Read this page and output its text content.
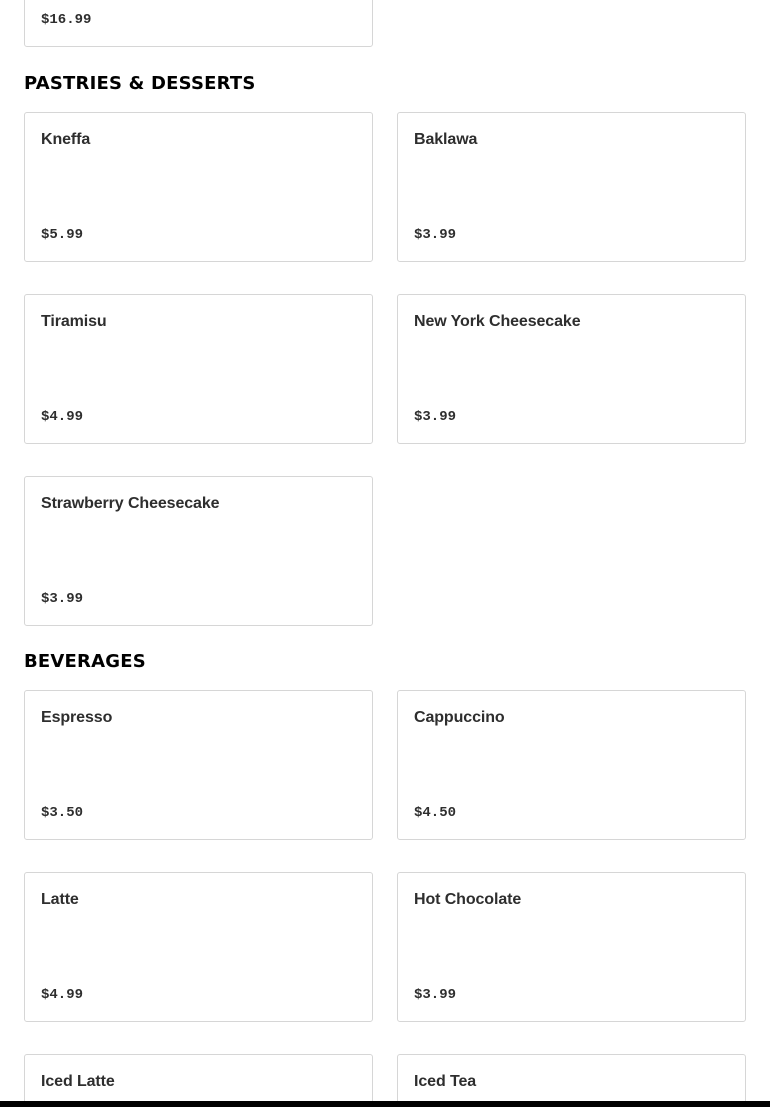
$16.99
PASTRIES & DESSERTS
Kneffa
$5.99
Baklawa
$3.99
Tiramisu
$4.99
New York Cheesecake
$3.99
Strawberry Cheesecake
$3.99
BEVERAGES
Espresso
$3.50
Cappuccino
$4.50
Latte
$4.99
Hot Chocolate
$3.99
Iced Latte	Iced Tea
